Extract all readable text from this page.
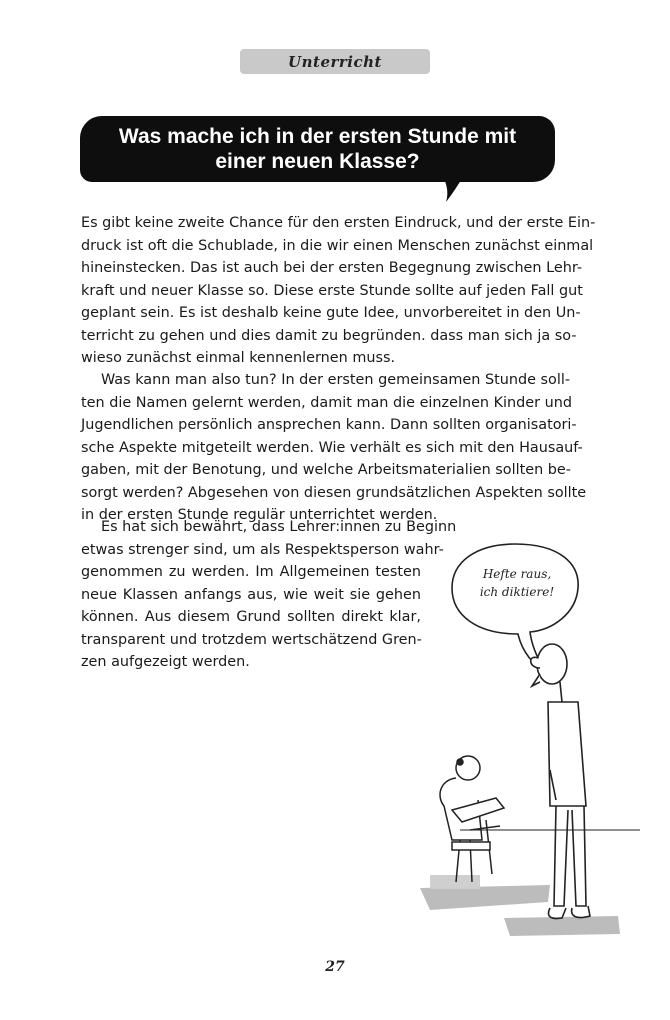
Unterricht
Was mache ich in der ersten Stunde mit
einer neuen Klasse?
Es gibt keine zweite Chance für den ersten Eindruck, und der erste Ein-
druck ist oft die Schublade, in die wir einen Menschen zunächst einmal
hineinstecken. Das ist auch bei der ersten Begegnung zwischen Lehr-
kraft und neuer Klasse so. Diese erste Stunde sollte auf jeden Fall gut
geplant sein. Es ist deshalb keine gute Idee, unvorbereitet in den Un-
terricht zu gehen und dies damit zu begründen. dass man sich ja so-
wieso zunächst einmal kennenlernen muss.
Was kann man also tun? In der ersten gemeinsamen Stunde soll-
ten die Namen gelernt werden, damit man die einzelnen Kinder und
Jugendlichen persönlich ansprechen kann. Dann sollten organisatori-
sche Aspekte mitgeteilt werden. Wie verhält es sich mit den Hausauf-
gaben, mit der Benotung, und welche Arbeitsmaterialien sollten be-
sorgt werden? Abgesehen von diesen grundsätzlichen Aspekten sollte
in der ersten Stunde regulär unterrichtet werden.
Es hat sich bewährt, dass Lehrer:innen zu Beginn
etwas strenger sind, um als Respektsperson wahr-
genommen zu werden. Im Allgemeinen testen
neue Klassen anfangs aus, wie weit sie gehen
können. Aus diesem Grund sollten direkt klar,
transparent und trotzdem wertschätzend Gren-
zen aufgezeigt werden.
Hefte raus,
ich diktiere!
27
